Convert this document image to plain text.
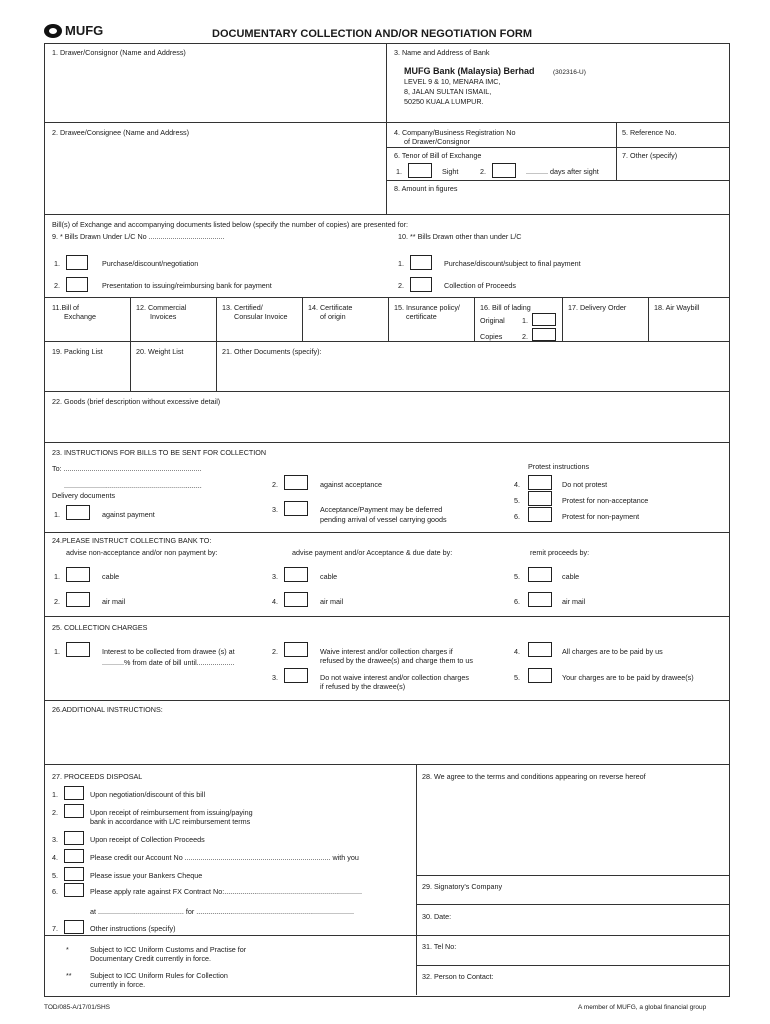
MUFG	DOCUMENTARY COLLECTION AND/OR NEGOTIATION FORM
1. Drawer/Consignor (Name and Address)
2. Drawee/Consignee (Name and Address)
3. Name and Address of Bank
MUFG Bank (Malaysia) Berhad	(302316-U)
LEVEL 9 & 10, MENARA IMC,
8, JALAN SULTAN ISMAIL,
50250 KUALA LUMPUR.
4. Company/Business Registration No
of Drawer/Consignor
5. Reference No.
6. Tenor of Bill of Exchange
1.	Sight	2.	........... days after sight
7. Other (specify)
8. Amount in figures
Bill(s) of Exchange and accompanying documents listed below (specify the number of copies) are presented for:
9. * Bills Drawn Under L/C No ......................................	10. ** Bills Drawn other than under L/C
1.	Purchase/discount/negotiation
2.	Presentation to issuing/reimbursing bank for payment
1.	Purchase/discount/subject to final payment
2.	Collection of Proceeds
11.Bill of
Exchange
12. Commercial
Invoices
13. Certified/
Consular Invoice
14. Certificate
of origin
15. Insurance policy/
certificate
16. Bill of lading
Original 1.
Copies	2.
17. Delivery Order	18. Air Waybill
19. Packing List	20. Weight List	21. Other Documents (specify):
22. Goods (brief description without excessive detail)
23. INSTRUCTIONS FOR BILLS TO BE SENT FOR COLLECTION
To: .....................................................................
.....................................................................
Delivery documents
1.	against payment
2.	against acceptance
3.	Acceptance/Payment may be deferred
pending arrival of vessel carrying goods
Protest instructions
4.	Do not protest
5.	Protest for non-acceptance
6.	Protest for non-payment
24.PLEASE INSTRUCT COLLECTING BANK TO:
advise non-acceptance and/or non payment by:	advise payment and/or Acceptance & due date by:	remit proceeds by:
1.	cable
2.	air mail
3.	cable
4.	air mail
5.	cable
6.	air mail
25. COLLECTION CHARGES
1.	Interest to be collected from drawee (s) at
...........% from date of bill until...................
2.	Waive interest and/or collection charges if
refused by the drawee(s) and charge them to us
3.	Do not waive interest and/or collection charges
if refused by the drawee(s)
4.	All charges are to be paid by us
5.	Your charges are to be paid by drawee(s)
26.ADDITIONAL INSTRUCTIONS:
27. PROCEEDS DISPOSAL
1.	Upon negotiation/discount of this bill
2.	Upon receipt of reimbursement from issuing/paying
bank in accordance with L/C reimbursement terms
3.	Upon receipt of Collection Proceeds
4.	Please credit our Account No ......................................................................... with you
5.	Please issue your Bankers Cheque
6.	Please apply rate against FX Contract No:.....................................................................
at ........................................... for ...............................................................................
7.	Other instructions (specify)
*	Subject to ICC Uniform Customs and Practise for
Documentary Credit currently in force.
**	Subject to ICC Uniform Rules for Collection
currently in force.
28. We agree to the terms and conditions appearing on reverse hereof
29. Signatory's Company
30. Date:
31. Tel No:
32. Person to Contact:
TOD/085-A/17/01/SHS	A member of MUFG, a global financial group
